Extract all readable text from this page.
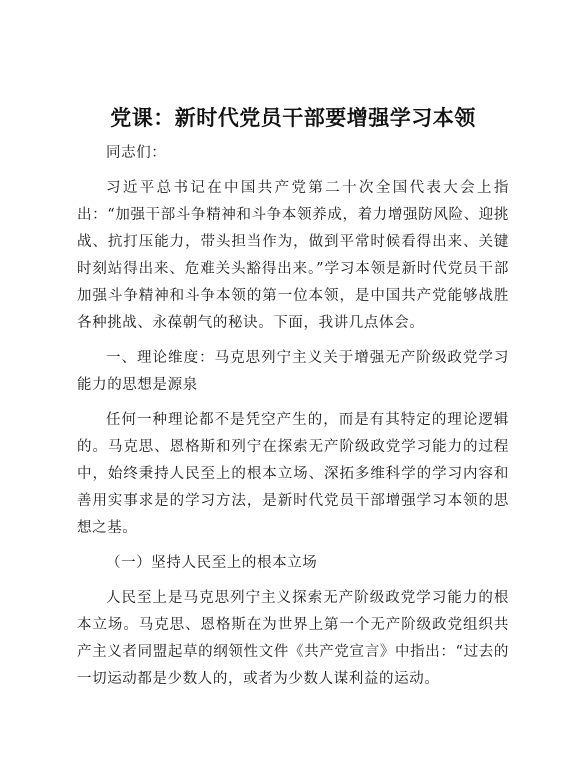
党课：新时代党员干部要增强学习本领

同志们：

习近平总书记在中国共产党第二十次全国代表大会上指出：“加强干部斗争精神和斗争本领养成，着力增强防风险、迎挑战、抗打压能力，带头担当作为，做到平常时候看得出来、关键时刻站得出来、危难关头豁得出来。”学习本领是新时代党员干部加强斗争精神和斗争本领的第一位本领，是中国共产党能够战胜各种挑战、永葆朝气的秘诀。下面，我讲几点体会。

一、理论维度：马克思列宁主义关于增强无产阶级政党学习能力的思想是源泉

任何一种理论都不是凭空产生的，而是有其特定的理论逻辑的。马克思、恩格斯和列宁在探索无产阶级政党学习能力的过程中，始终秉持人民至上的根本立场、深拓多维科学的学习内容和善用实事求是的学习方法，是新时代党员干部增强学习本领的思想之基。

（一）坚持人民至上的根本立场

人民至上是马克思列宁主义探索无产阶级政党学习能力的根本立场。马克思、恩格斯在为世界上第一个无产阶级政党组织共产主义者同盟起草的纲领性文件《共产党宣言》中指出：“过去的一切运动都是少数人的，或者为少数人谋利益的运动。
